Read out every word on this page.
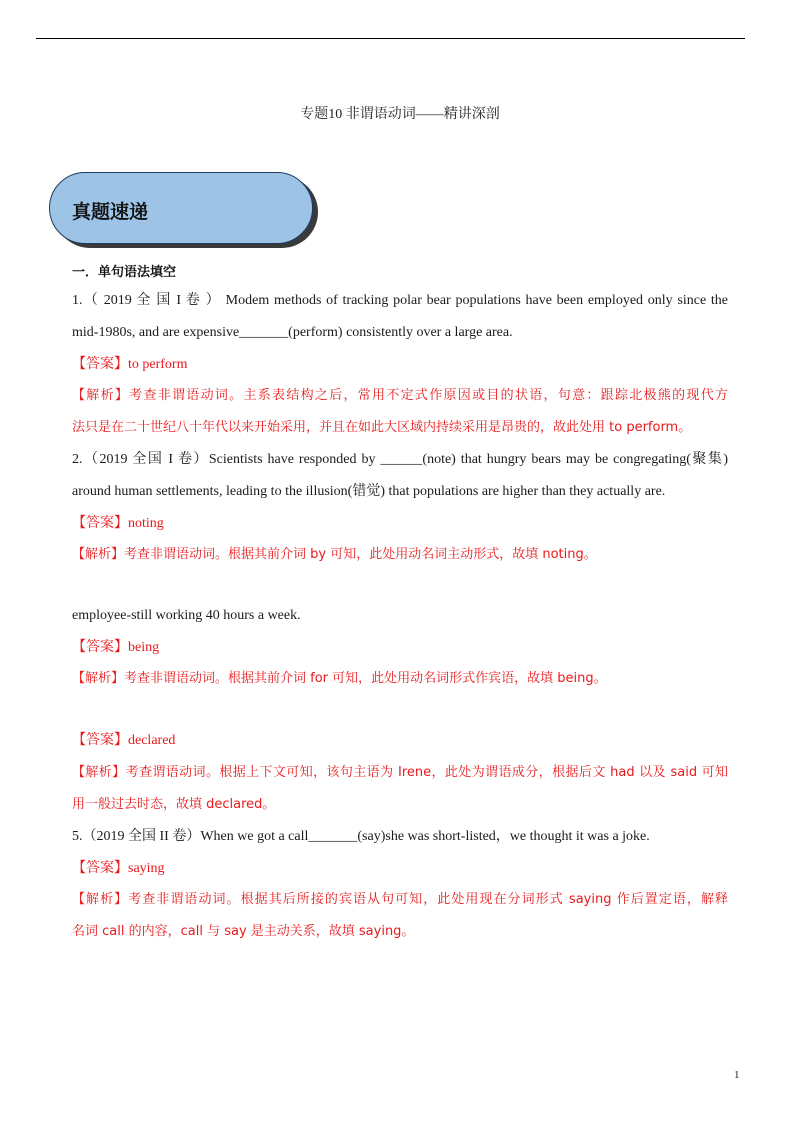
专题10 非谓语动词——精讲深剖
真题速递
一．单句语法填空
1.（ 2019 全 国 I 卷 ） Modem methods of tracking polar bear populations have been employed only since the
mid-1980s, and are expensive_______(perform) consistently over a large area.
【答案】to perform
【解析】考查非谓语动词。主系表结构之后，常用不定式作原因或目的状语，句意：跟踪北极熊的现代方
法只是在二十世纪八十年代以来开始采用，并且在如此大区域内持续采用是昂贵的，故此处用 to perform。
2.（2019 全国 I 卷）Scientists have responded by ______(note) that hungry bears may be congregating(聚集)
around human settlements, leading to the illusion(错觉) that populations are higher than they actually are.
【答案】noting
【解析】考查非谓语动词。根据其前介词 by 可知，此处用动名词主动形式，故填 noting。
employee-still working 40 hours a week.
【答案】being
【解析】考查非谓语动词。根据其前介词 for 可知，此处用动名词形式作宾语，故填 being。
【答案】declared
【解析】考查谓语动词。根据上下文可知，该句主语为 Irene，此处为谓语成分，根据后文 had 以及 said 可知
用一般过去时态，故填 declared。
5.（2019 全国 II 卷）When we got a call_______(say)she was short-listed，we thought it was a joke.
【答案】saying
【解析】考查非谓语动词。根据其后所接的宾语从句可知，此处用现在分词形式 saying 作后置定语，解释
名词 call 的内容，call 与 say 是主动关系，故填 saying。
1
